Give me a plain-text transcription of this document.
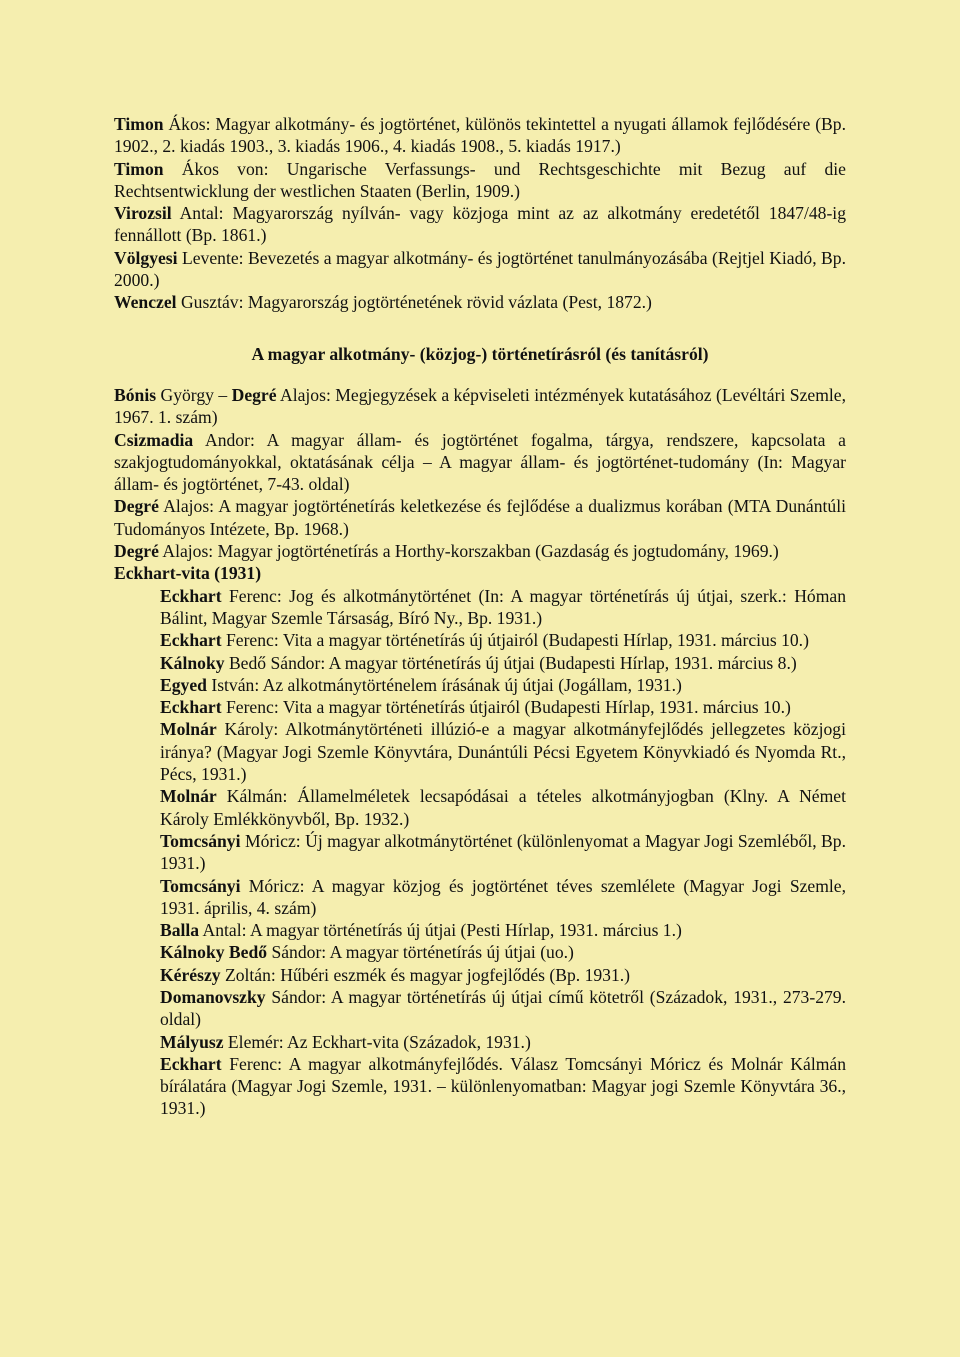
Timon Ákos: Magyar alkotmány- és jogtörténet, különös tekintettel a nyugati államok fejlődésére (Bp. 1902., 2. kiadás 1903., 3. kiadás 1906., 4. kiadás 1908., 5. kiadás 1917.)

Timon Ákos von: Ungarische Verfassungs- und Rechtsgeschichte mit Bezug auf die Rechtsentwicklung der westlichen Staaten (Berlin, 1909.)

Virozsil Antal: Magyarország nyílván- vagy közjoga mint az az alkotmány eredetétől 1847/48-ig fennállott (Bp. 1861.)

Völgyesi Levente: Bevezetés a magyar alkotmány- és jogtörténet tanulmányozásába (Rejtjel Kiadó, Bp. 2000.)

Wenczel Gusztáv: Magyarország jogtörténetének rövid vázlata (Pest, 1872.)

A magyar alkotmány- (közjog-) történetírásról (és tanításról)

Bónis György – Degré Alajos: Megjegyzések a képviseleti intézmények kutatásához (Levéltári Szemle, 1967. 1. szám)

Csizmadia Andor: A magyar állam- és jogtörténet fogalma, tárgya, rendszere, kapcsolata a szakjogtudományokkal, oktatásának célja – A magyar állam- és jogtörténet-tudomány (In: Magyar állam- és jogtörténet, 7-43. oldal)

Degré Alajos: A magyar jogtörténetírás keletkezése és fejlődése a dualizmus korában (MTA Dunántúli Tudományos Intézete, Bp. 1968.)

Degré Alajos: Magyar jogtörténetírás a Horthy-korszakban (Gazdaság és jogtudomány, 1969.)

Eckhart-vita (1931)

Eckhart Ferenc: Jog és alkotmánytörténet (In: A magyar történetírás új útjai, szerk.: Hóman Bálint, Magyar Szemle Társaság, Bíró Ny., Bp. 1931.)

Eckhart Ferenc: Vita a magyar történetírás új útjairól (Budapesti Hírlap, 1931. március 10.)

Kálnoky Bedő Sándor: A magyar történetírás új útjai (Budapesti Hírlap, 1931. március 8.)

Egyed István: Az alkotmánytörténelem írásának új útjai (Jogállam, 1931.)

Eckhart Ferenc: Vita a magyar történetírás útjairól (Budapesti Hírlap, 1931. március 10.)

Molnár Károly: Alkotmánytörténeti illúzió-e a magyar alkotmányfejlődés jellegzetes közjogi iránya? (Magyar Jogi Szemle Könyvtára, Dunántúli Pécsi Egyetem Könyvkiadó és Nyomda Rt., Pécs, 1931.)

Molnár Kálmán: Államelméletek lecsapódásai a tételes alkotmányjogban (Klny. A Német Károly Emlékkönyvből, Bp. 1932.)

Tomcsányi Móricz: Új magyar alkotmánytörténet (különlenyomat a Magyar Jogi Szemléből, Bp. 1931.)

Tomcsányi Móricz: A magyar közjog és jogtörténet téves szemlélete (Magyar Jogi Szemle, 1931. április, 4. szám)

Balla Antal: A magyar történetírás új útjai (Pesti Hírlap, 1931. március 1.)

Kálnoky Bedő Sándor: A magyar történetírás új útjai (uo.)

Kérészy Zoltán: Hűbéri eszmék és magyar jogfejlődés (Bp. 1931.)

Domanovszky Sándor: A magyar történetírás új útjai című kötetről (Századok, 1931., 273-279. oldal)

Mályusz Elemér: Az Eckhart-vita (Századok, 1931.)

Eckhart Ferenc: A magyar alkotmányfejlődés. Válasz Tomcsányi Móricz és Molnár Kálmán bírálatára (Magyar Jogi Szemle, 1931. – különlenyomatban: Magyar jogi Szemle Könyvtára 36., 1931.)
